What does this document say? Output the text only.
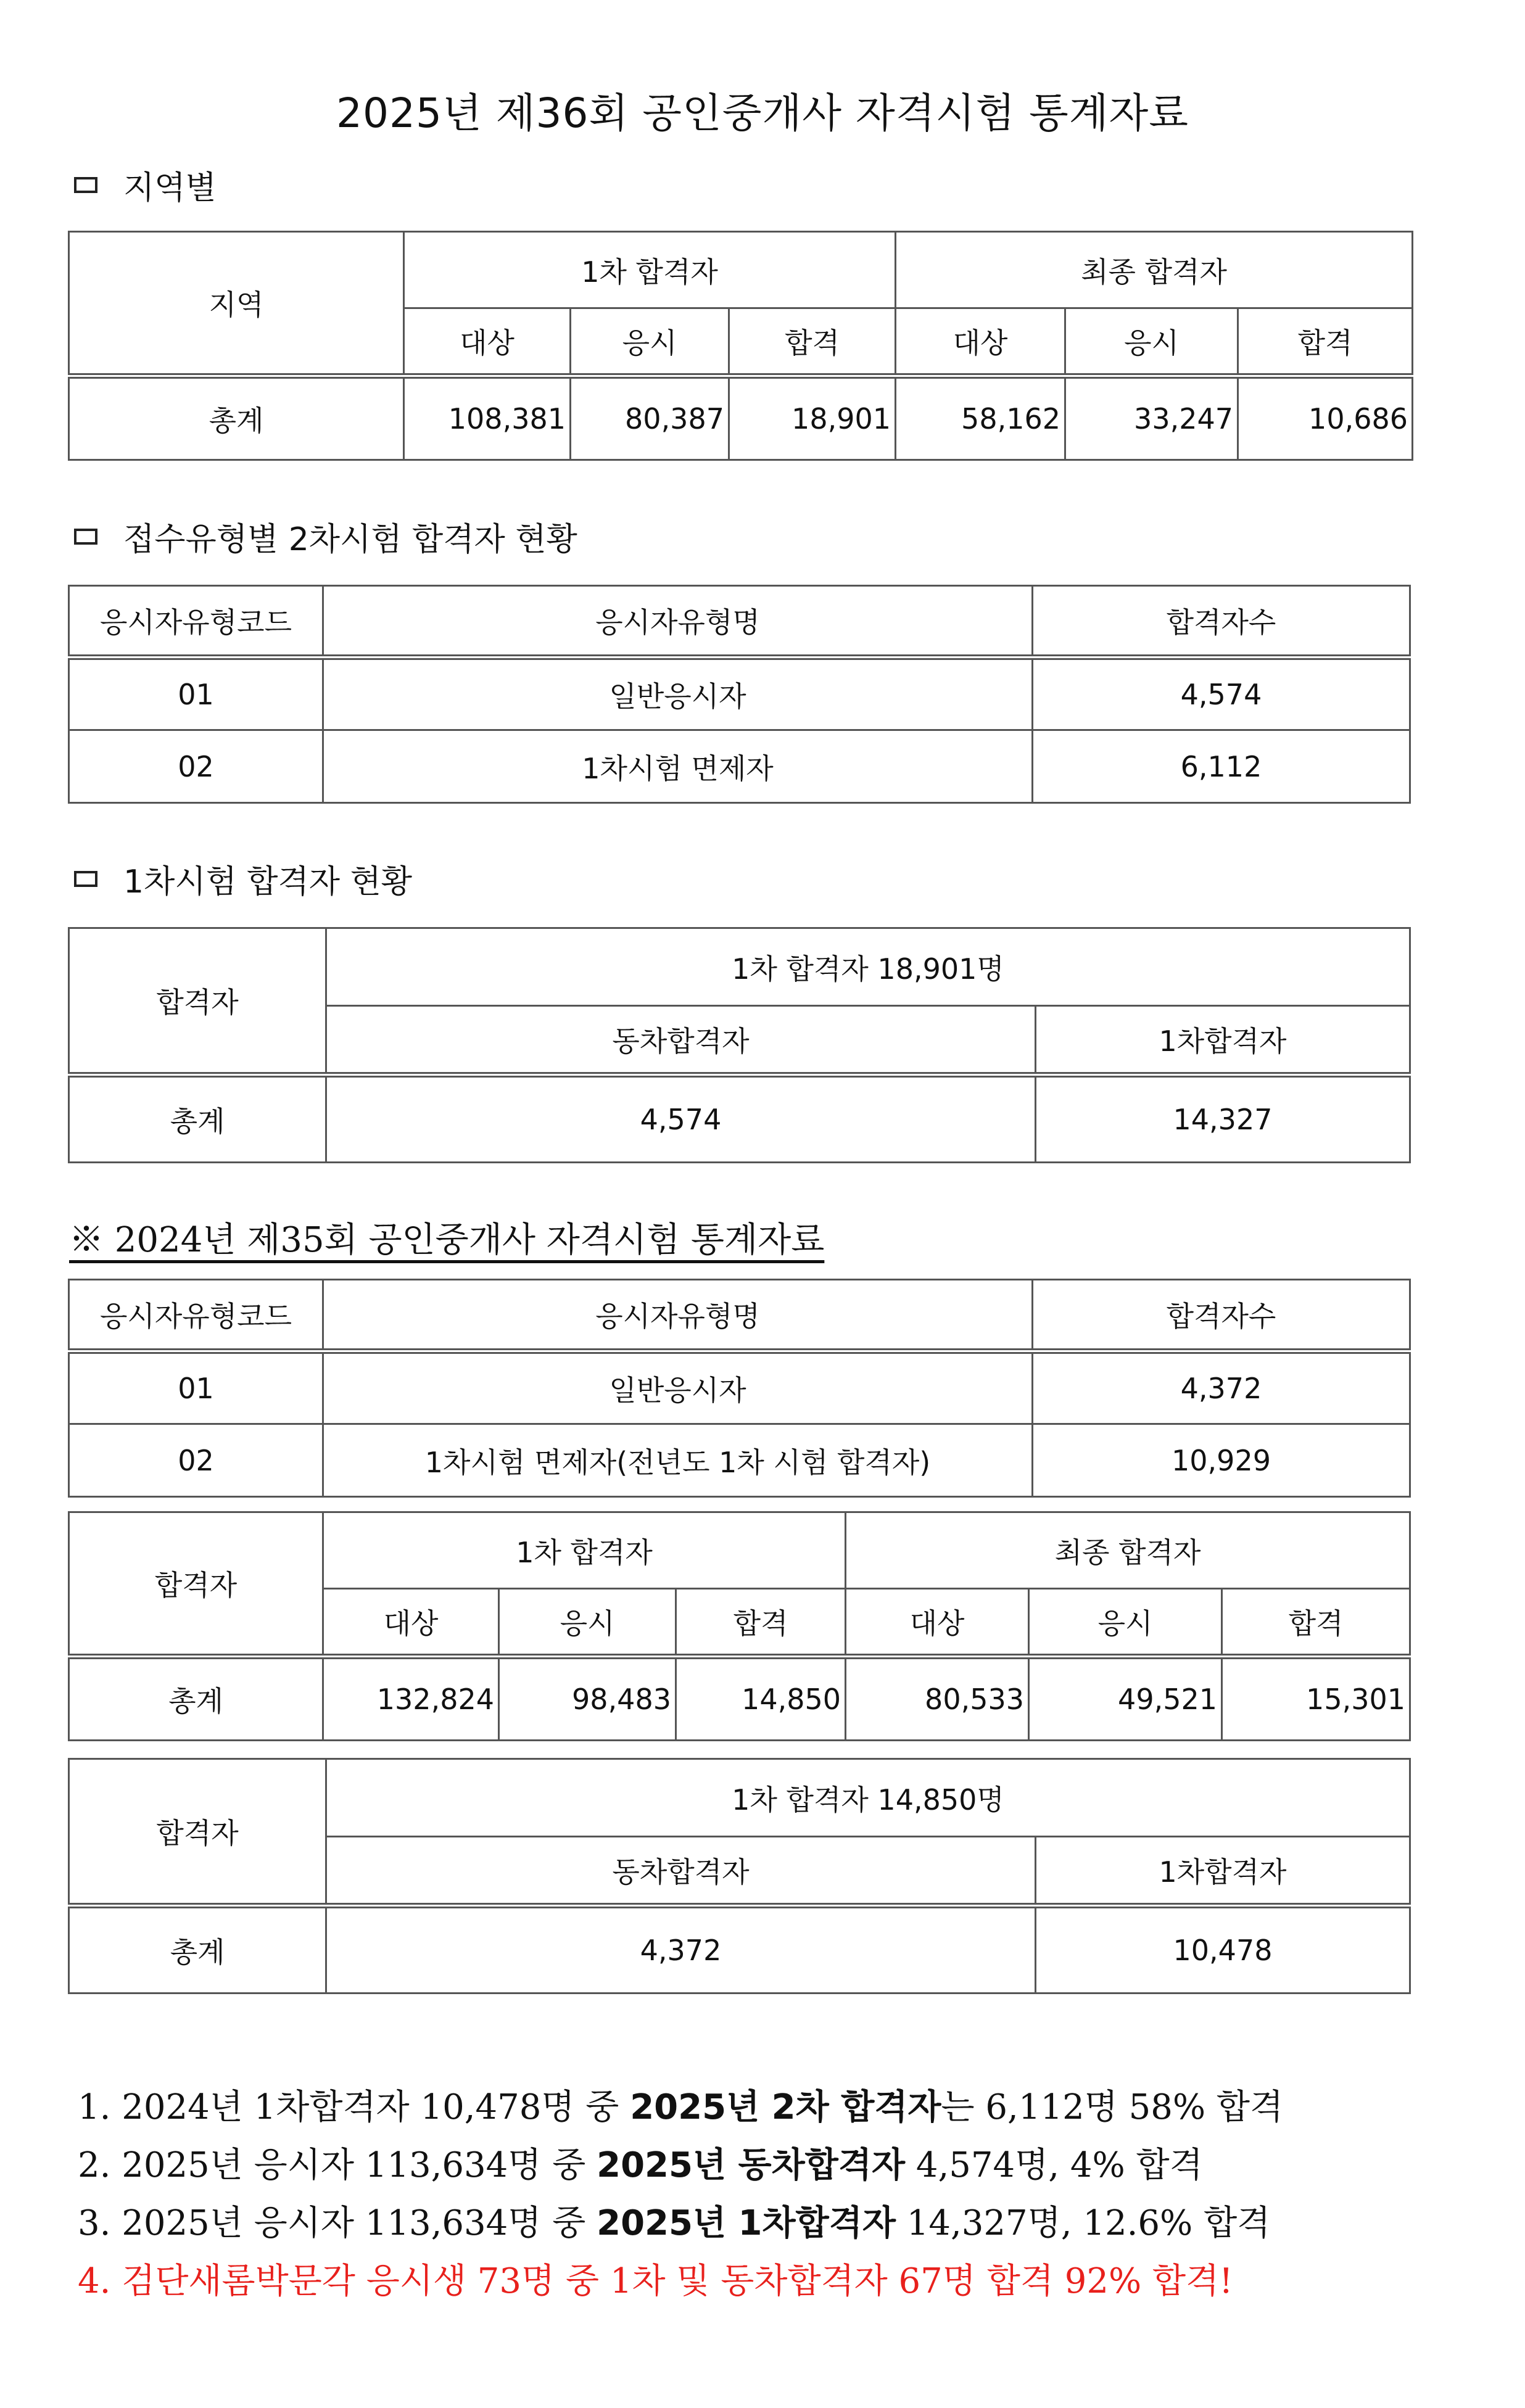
2025년 제36회 공인중개사 자격시험 통계자료
지역별
지역	1차 합격자			최종 합격자		
	대상	응시	합격	대상	응시	합격
총계	108,381	80,387	18,901	58,162	33,247	10,686
접수유형별 2차시험 합격자 현황
응시자유형코드	응시자유형명	합격자수
01	일반응시자	4,574
02	1차시험 면제자	6,112
1차시험 합격자 현황
합격자	1차 합격자 18,901명	
	동차합격자	1차합격자
총계	4,574	14,327
※ 2024년 제35회 공인중개사 자격시험 통계자료
응시자유형코드	응시자유형명	합격자수
01	일반응시자	4,372
02	1차시험 면제자(전년도 1차 시험 합격자)	10,929
합격자	1차 합격자			최종 합격자		
	대상	응시	합격	대상	응시	합격
총계	132,824	98,483	14,850	80,533	49,521	15,301
합격자	1차 합격자 14,850명	
	동차합격자	1차합격자
총계	4,372	10,478
1. 2024년 1차합격자 10,478명 중 2025년 2차 합격자는 6,112명 58% 합격
2. 2025년 응시자 113,634명 중 2025년 동차합격자 4,574명, 4% 합격
3. 2025년 응시자 113,634명 중 2025년 1차합격자 14,327명, 12.6% 합격
4. 검단새롬박문각 응시생 73명 중 1차 및 동차합격자 67명 합격 92% 합격!
